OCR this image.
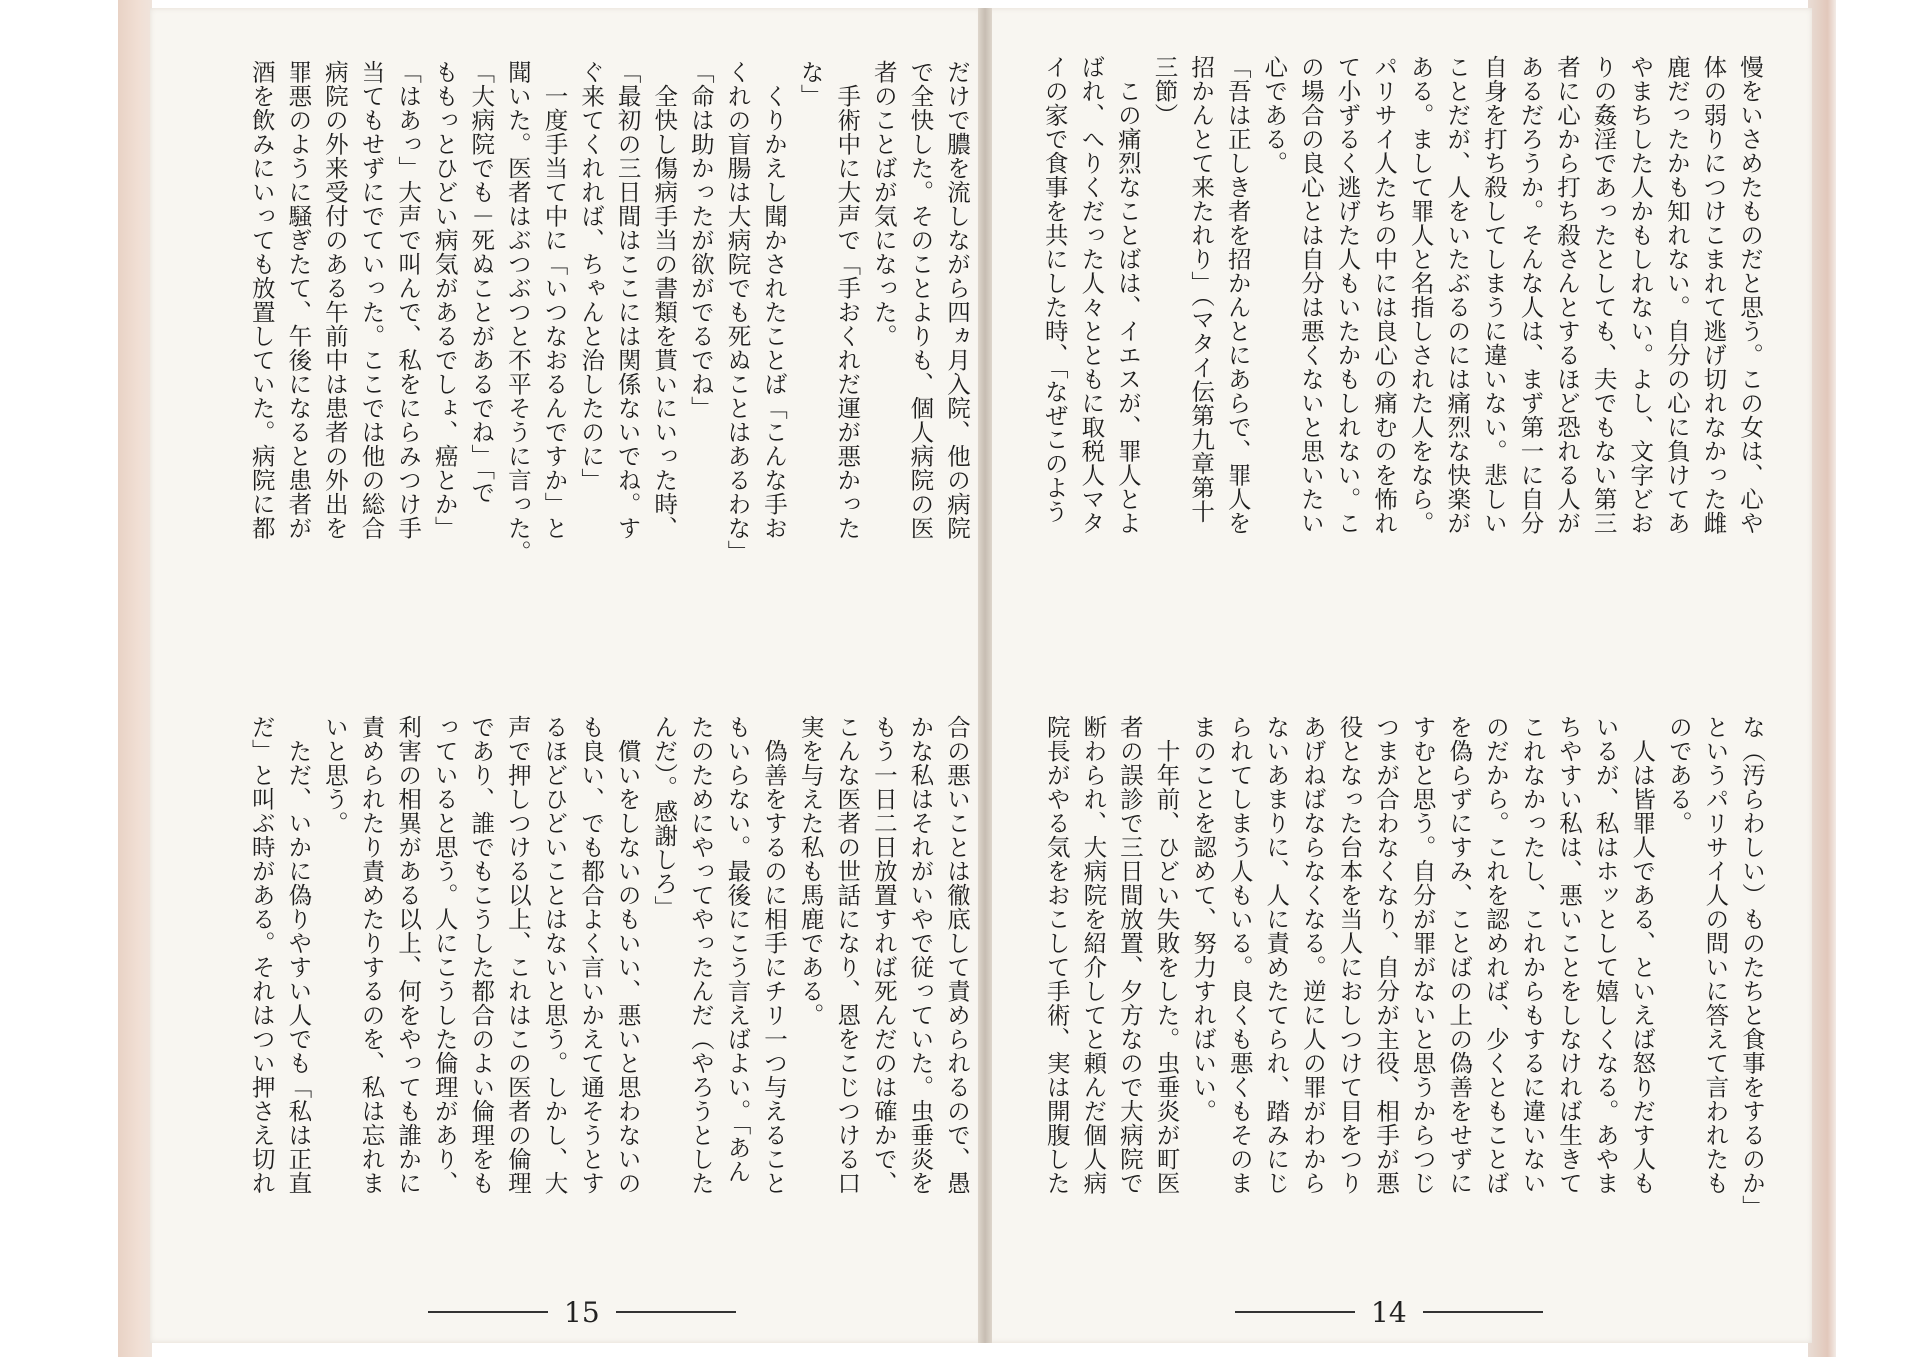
慢をいさめたものだと思う。この女は、心や
体の弱りにつけこまれて逃げ切れなかった雌
鹿だったかも知れない。自分の心に負けてあ
やまちした人かもしれない。よし、文字どお
りの姦淫であったとしても、夫でもない第三
者に心から打ち殺さんとするほど恐れる人が
あるだろうか。そんな人は、まず第一に自分
自身を打ち殺してしまうに違いない。悲しい
ことだが、人をいたぶるのには痛烈な快楽が
ある。まして罪人と名指しされた人をなら。
パリサイ人たちの中には良心の痛むのを怖れ
て小ずるく逃げた人もいたかもしれない。こ
の場合の良心とは自分は悪くないと思いたい
心である。
「吾は正しき者を招かんとにあらで、罪人を
招かんとて来たれり」（マタイ伝第九章第十
三節）
　この痛烈なことばは、イエスが、罪人とよ
ばれ、へりくだった人々とともに取税人マタ
イの家で食事を共にした時、「なぜこのよう
な（汚らわしい）ものたちと食事をするのか」
というパリサイ人の問いに答えて言われたも
のである。
　人は皆罪人である、といえば怒りだす人も
いるが、私はホッとして嬉しくなる。あやま
ちやすい私は、悪いことをしなければ生きて
これなかったし、これからもするに違いない
のだから。これを認めれば、少くともことば
を偽らずにすみ、ことばの上の偽善をせずに
すむと思う。自分が罪がないと思うからつじ
つまが合わなくなり、自分が主役、相手が悪
役となった台本を当人におしつけて目をつり
あげねばならなくなる。逆に人の罪がわから
ないあまりに、人に責めたてられ、踏みにじ
られてしまう人もいる。良くも悪くもそのま
まのことを認めて、努力すればいい。
　十年前、ひどい失敗をした。虫垂炎が町医
者の誤診で三日間放置、夕方なので大病院で
断わられ、大病院を紹介してと頼んだ個人病
院長がやる気をおこして手術、実は開腹した
だけで膿を流しながら四ヵ月入院、他の病院
で全快した。そのことよりも、個人病院の医
者のことばが気になった。
　手術中に大声で「手おくれだ運が悪かった
な」
　くりかえし聞かされたことば「こんな手お
くれの盲腸は大病院でも死ぬことはあるわな」
「命は助かったが欲がでるでね」
　全快し傷病手当の書類を貰いにいった時、
「最初の三日間はここには関係ないでね。す
ぐ来てくれれば、ちゃんと治したのに」
　一度手当て中に「いつなおるんですか」と
聞いた。医者はぶつぶつと不平そうに言った。
「大病院でも－死ぬことがあるでね」「で
ももっとひどい病気があるでしょ、癌とか」
「はあっ」大声で叫んで、私をにらみつけ手
当てもせずにでていった。ここでは他の総合
病院の外来受付のある午前中は患者の外出を
罪悪のように騒ぎたて、午後になると患者が
酒を飲みにいっても放置していた。病院に都
合の悪いことは徹底して責められるので、愚
かな私はそれがいやで従っていた。虫垂炎を
もう一日二日放置すれば死んだのは確かで、
こんな医者の世話になり、恩をこじつける口
実を与えた私も馬鹿である。
　偽善をするのに相手にチリ一つ与えること
もいらない。最後にこう言えばよい。「あん
たのためにやってやったんだ（やろうとした
んだ）。感謝しろ」
　償いをしないのもいい、悪いと思わないの
も良い、でも都合よく言いかえて通そうとす
るほどひどいことはないと思う。しかし、大
声で押しつける以上、これはこの医者の倫理
であり、誰でもこうした都合のよい倫理をも
っていると思う。人にこうした倫理があり、
利害の相異がある以上、何をやっても誰かに
責められたり責めたりするのを、私は忘れま
いと思う。
　ただ、いかに偽りやすい人でも「私は正直
だ」と叫ぶ時がある。それはつい押さえ切れ
15	14
